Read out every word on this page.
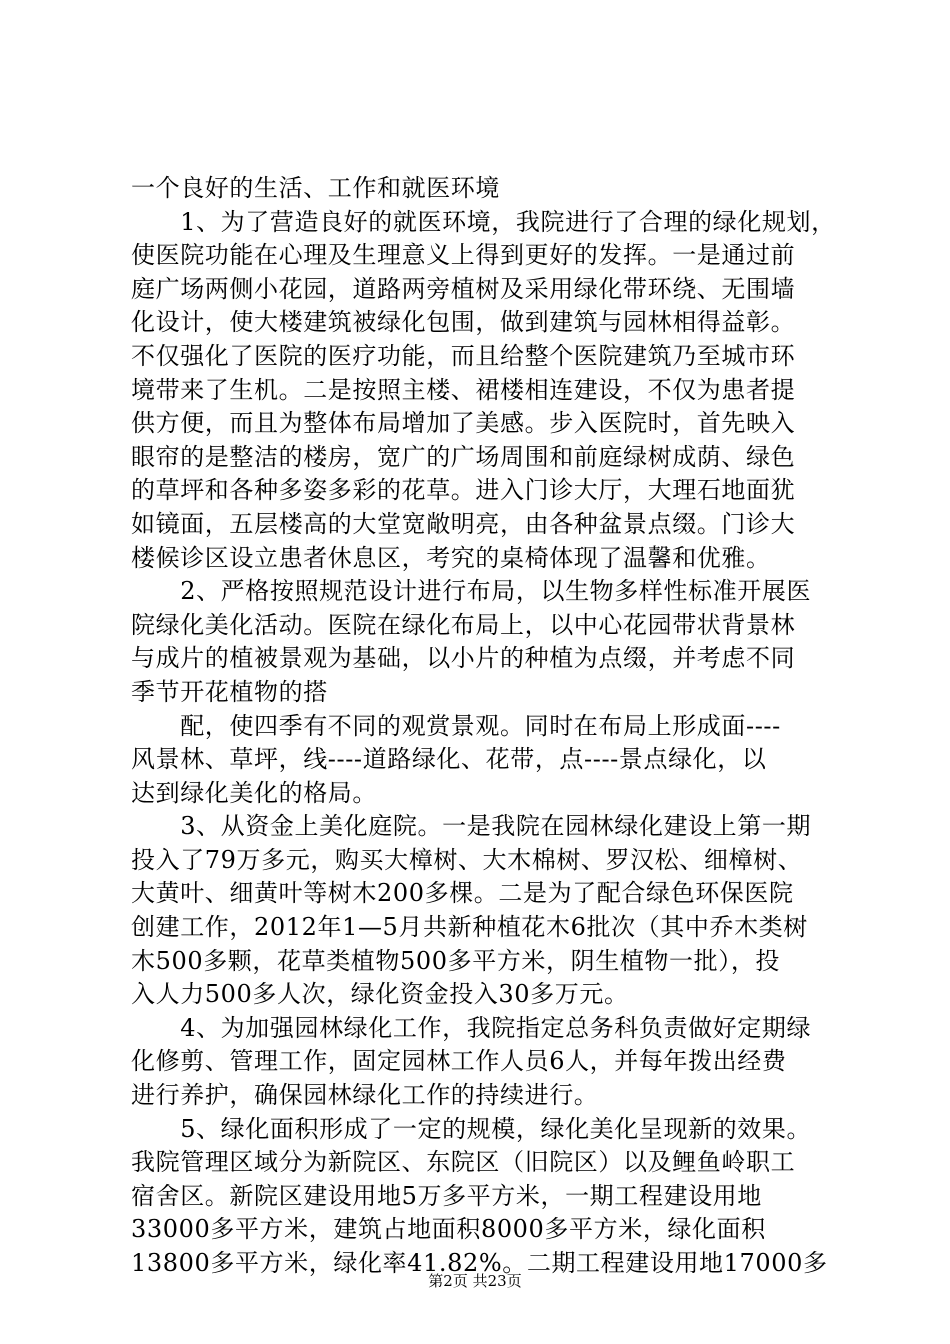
一个良好的生活、工作和就医环境
　　1、为了营造良好的就医环境，我院进行了合理的绿化规划，
使医院功能在心理及生理意义上得到更好的发挥。一是通过前
庭广场两侧小花园，道路两旁植树及采用绿化带环绕、无围墙
化设计，使大楼建筑被绿化包围，做到建筑与园林相得益彰。
不仅强化了医院的医疗功能，而且给整个医院建筑乃至城市环
境带来了生机。二是按照主楼、裙楼相连建设，不仅为患者提
供方便，而且为整体布局增加了美感。步入医院时，首先映入
眼帘的是整洁的楼房，宽广的广场周围和前庭绿树成荫、绿色
的草坪和各种多姿多彩的花草。进入门诊大厅，大理石地面犹
如镜面，五层楼高的大堂宽敞明亮，由各种盆景点缀。门诊大
楼候诊区设立患者休息区，考究的桌椅体现了温馨和优雅。
　　2、严格按照规范设计进行布局，以生物多样性标准开展医
院绿化美化活动。医院在绿化布局上，以中心花园带状背景林
与成片的植被景观为基础，以小片的种植为点缀，并考虑不同
季节开花植物的搭
　　配，使四季有不同的观赏景观。同时在布局上形成面----
风景林、草坪，线----道路绿化、花带，点----景点绿化，以
达到绿化美化的格局。
　　3、从资金上美化庭院。一是我院在园林绿化建设上第一期
投入了79万多元，购买大樟树、大木棉树、罗汉松、细樟树、
大黄叶、细黄叶等树木200多棵。二是为了配合绿色环保医院
创建工作，2012年1—5月共新种植花木6批次（其中乔木类树
木500多颗，花草类植物500多平方米，阴生植物一批），投
入人力500多人次，绿化资金投入30多万元。
　　4、为加强园林绿化工作，我院指定总务科负责做好定期绿
化修剪、管理工作，固定园林工作人员6人，并每年拨出经费
进行养护，确保园林绿化工作的持续进行。
　　5、绿化面积形成了一定的规模，绿化美化呈现新的效果。
我院管理区域分为新院区、东院区（旧院区）以及鲤鱼岭职工
宿舍区。新院区建设用地5万多平方米，一期工程建设用地
33000多平方米，建筑占地面积8000多平方米，绿化面积
13800多平方米，绿化率41.82%。二期工程建设用地17000多
第2页 共23页
